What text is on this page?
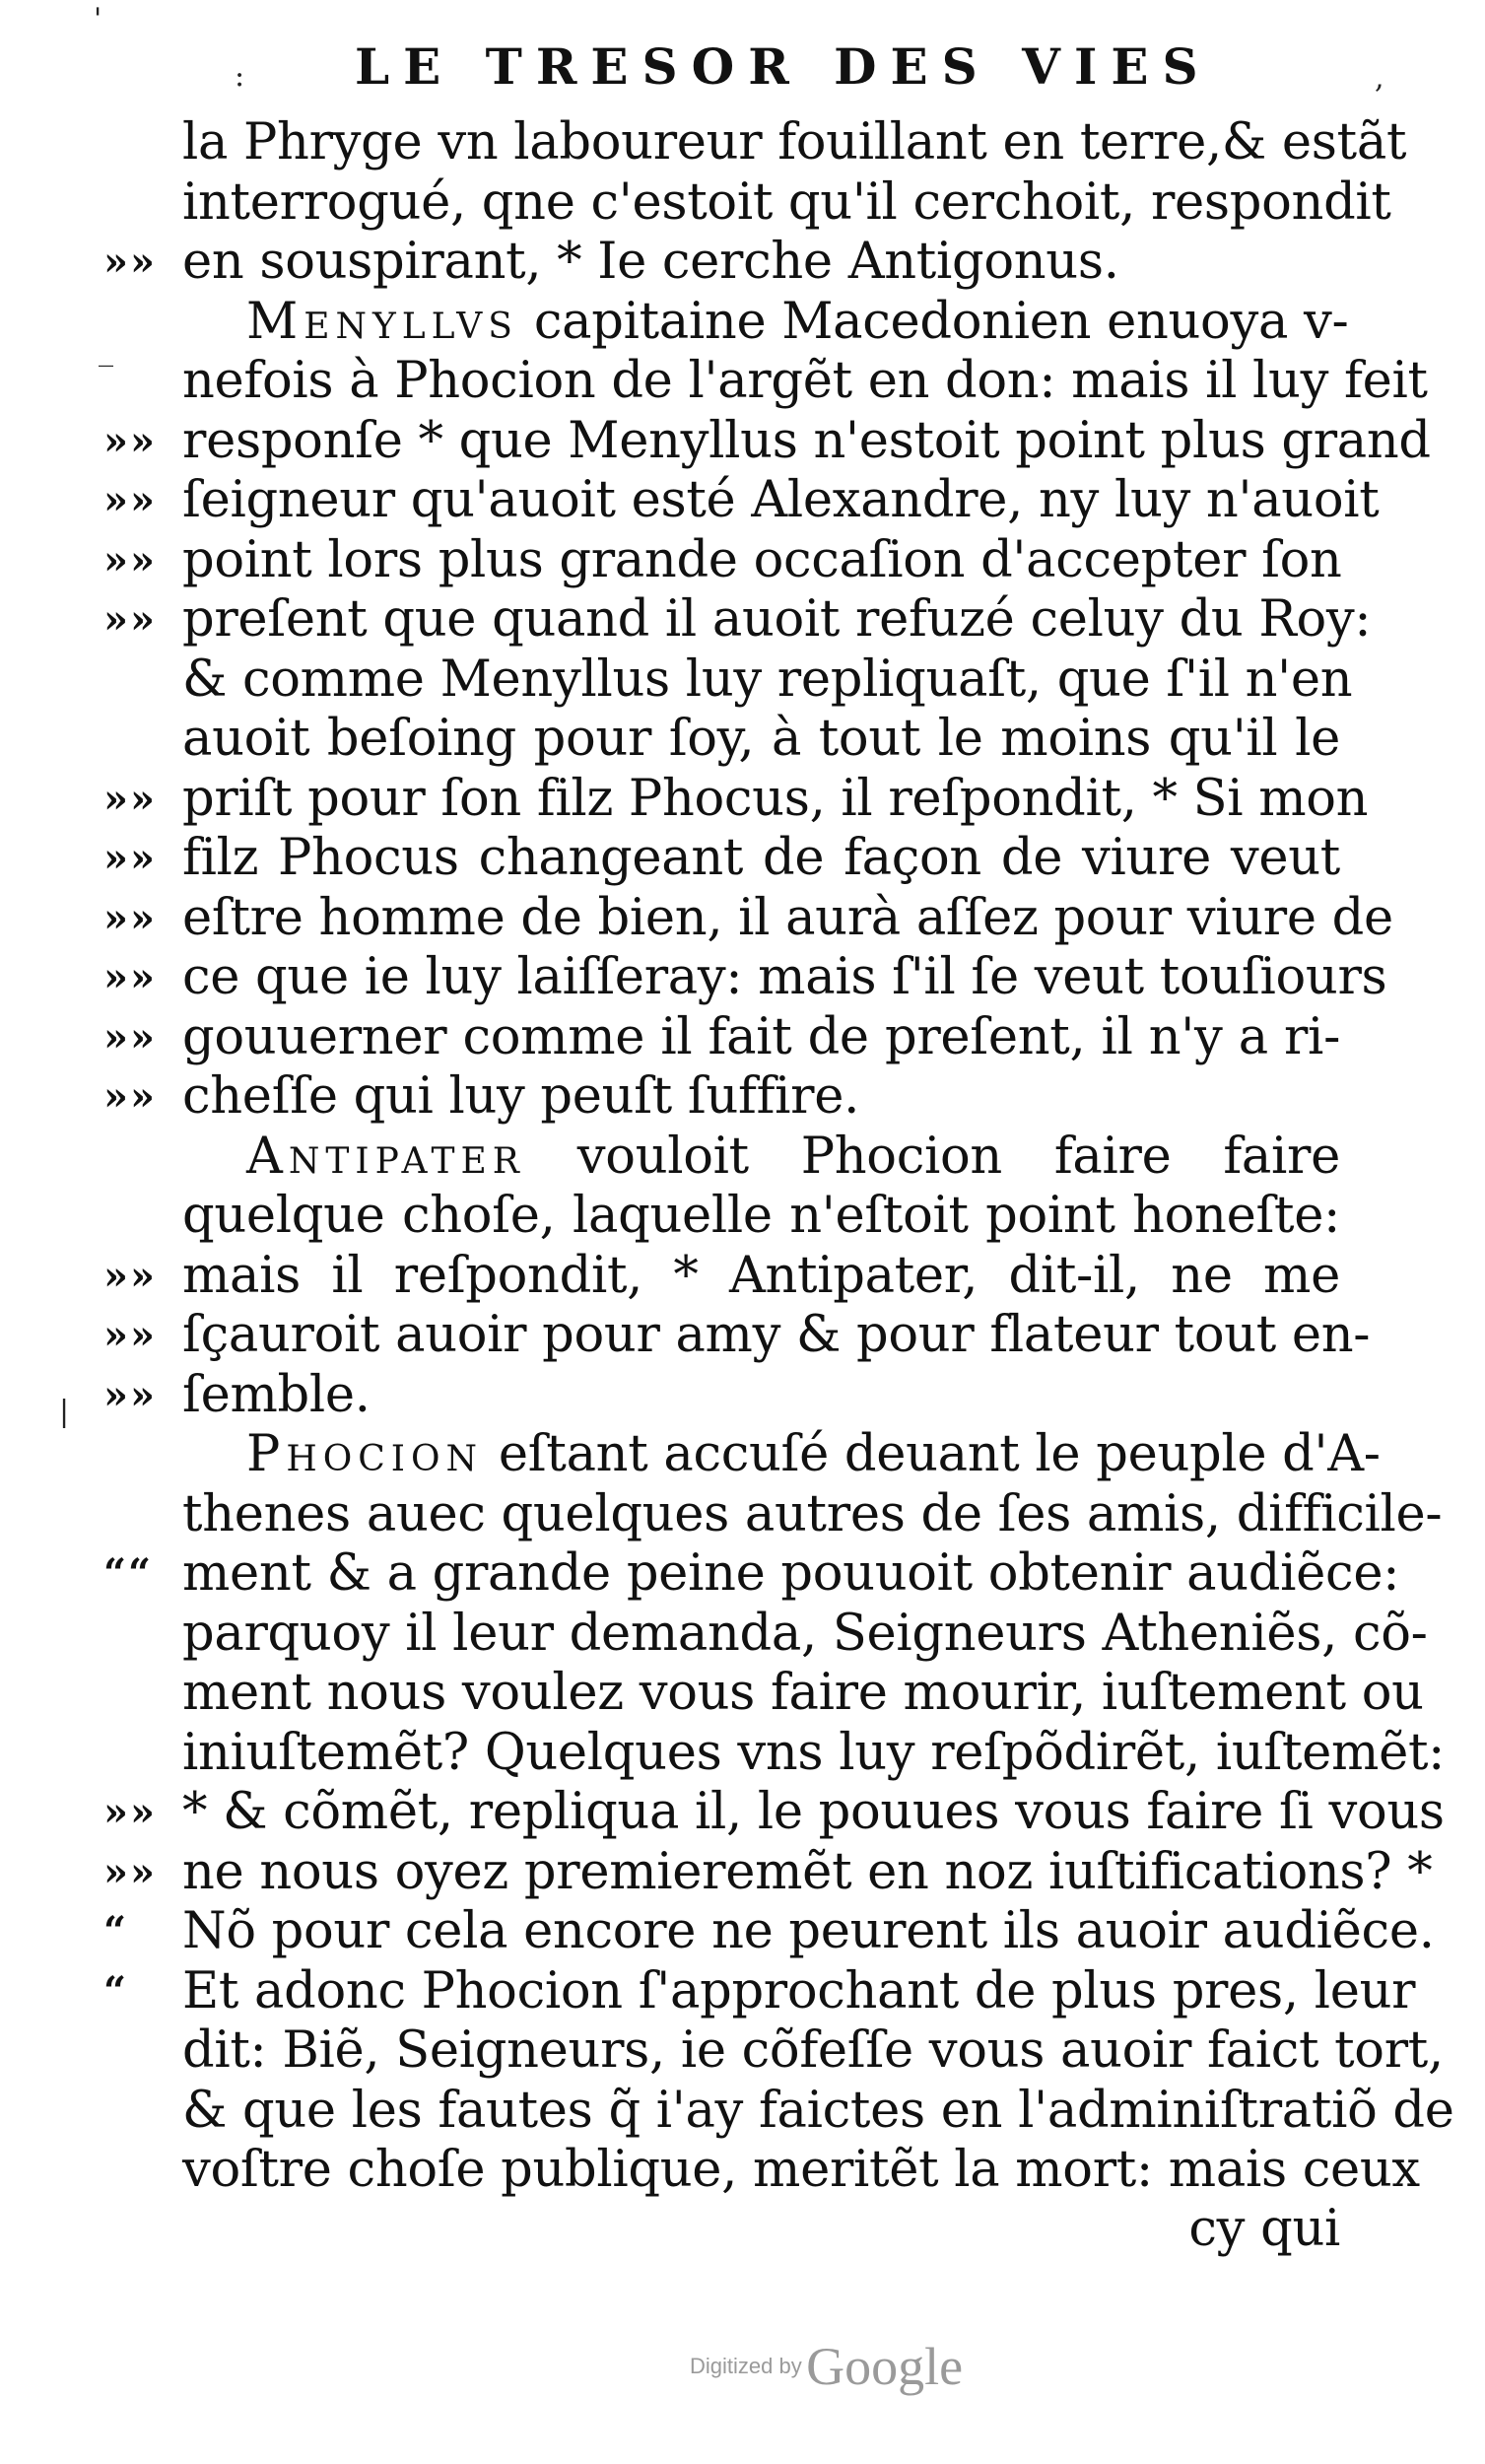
LE TRESOR DES VIES
la Phryge vn laboureur fouillant en terre,& estãt
interrogué, qne c'estoit qu'il cerchoit, respondit
»» en souspirant, * Ie cerche Antigonus.
Menyllvs capitaine Macedonien enuoya v-
nefois à Phocion de l'argẽt en don: mais il luy feit
»» responſe * que Menyllus n'estoit point plus grand
»» ſeigneur qu'auoit esté Alexandre, ny luy n'auoit
»» point lors plus grande occaſion d'accepter ſon
»» preſent que quand il auoit refuzé celuy du Roy:
& comme Menyllus luy repliquaſt, que ſ'il n'en
auoit beſoing pour ſoy, à tout le moins qu'il le
»» priſt pour ſon filz Phocus, il reſpondit, * Si mon
»» filz Phocus changeant de façon de viure veut
»» eſtre homme de bien, il aurà aſſez pour viure de
»» ce que ie luy laiſſeray: mais ſ'il ſe veut touſiours
»» gouuerner comme il fait de preſent, il n'y a ri-
»» cheſſe qui luy peuſt ſuffire.
Antipater vouloit Phocion faire faire
quelque choſe, laquelle n'eſtoit point honeſte:
»» mais il reſpondit, * Antipater, dit-il, ne me
»» ſçauroit auoir pour amy & pour flateur tout en-
»» ſemble.
Phocion eſtant accuſé deuant le peuple d'A-
thenes auec quelques autres de ſes amis, difficile-
““ ment & a grande peine pouuoit obtenir audiẽce:
parquoy il leur demanda, Seigneurs Atheniẽs, cõ-
ment nous voulez vous faire mourir, iuſtement ou
iniuſtemẽt? Quelques vns luy reſpõdirẽt, iuſtemẽt:
»» * & cõmẽt, repliqua il, le pouues vous faire ſi vous
»» ne nous oyez premieremẽt en noz iuſtifications? *
“	Nõ pour cela encore ne peurent ils auoir audiẽce.
“	Et adonc Phocion ſ'approchant de plus pres, leur
dit: Biẽ, Seigneurs, ie cõfeſſe vous auoir faict tort,
& que les fautes q̃ i'ay faictes en l'adminiſtratiõ de
voſtre choſe publique, meritẽt la mort: mais ceux
cy qui
'
:	,
_
|
Digitized by Google
